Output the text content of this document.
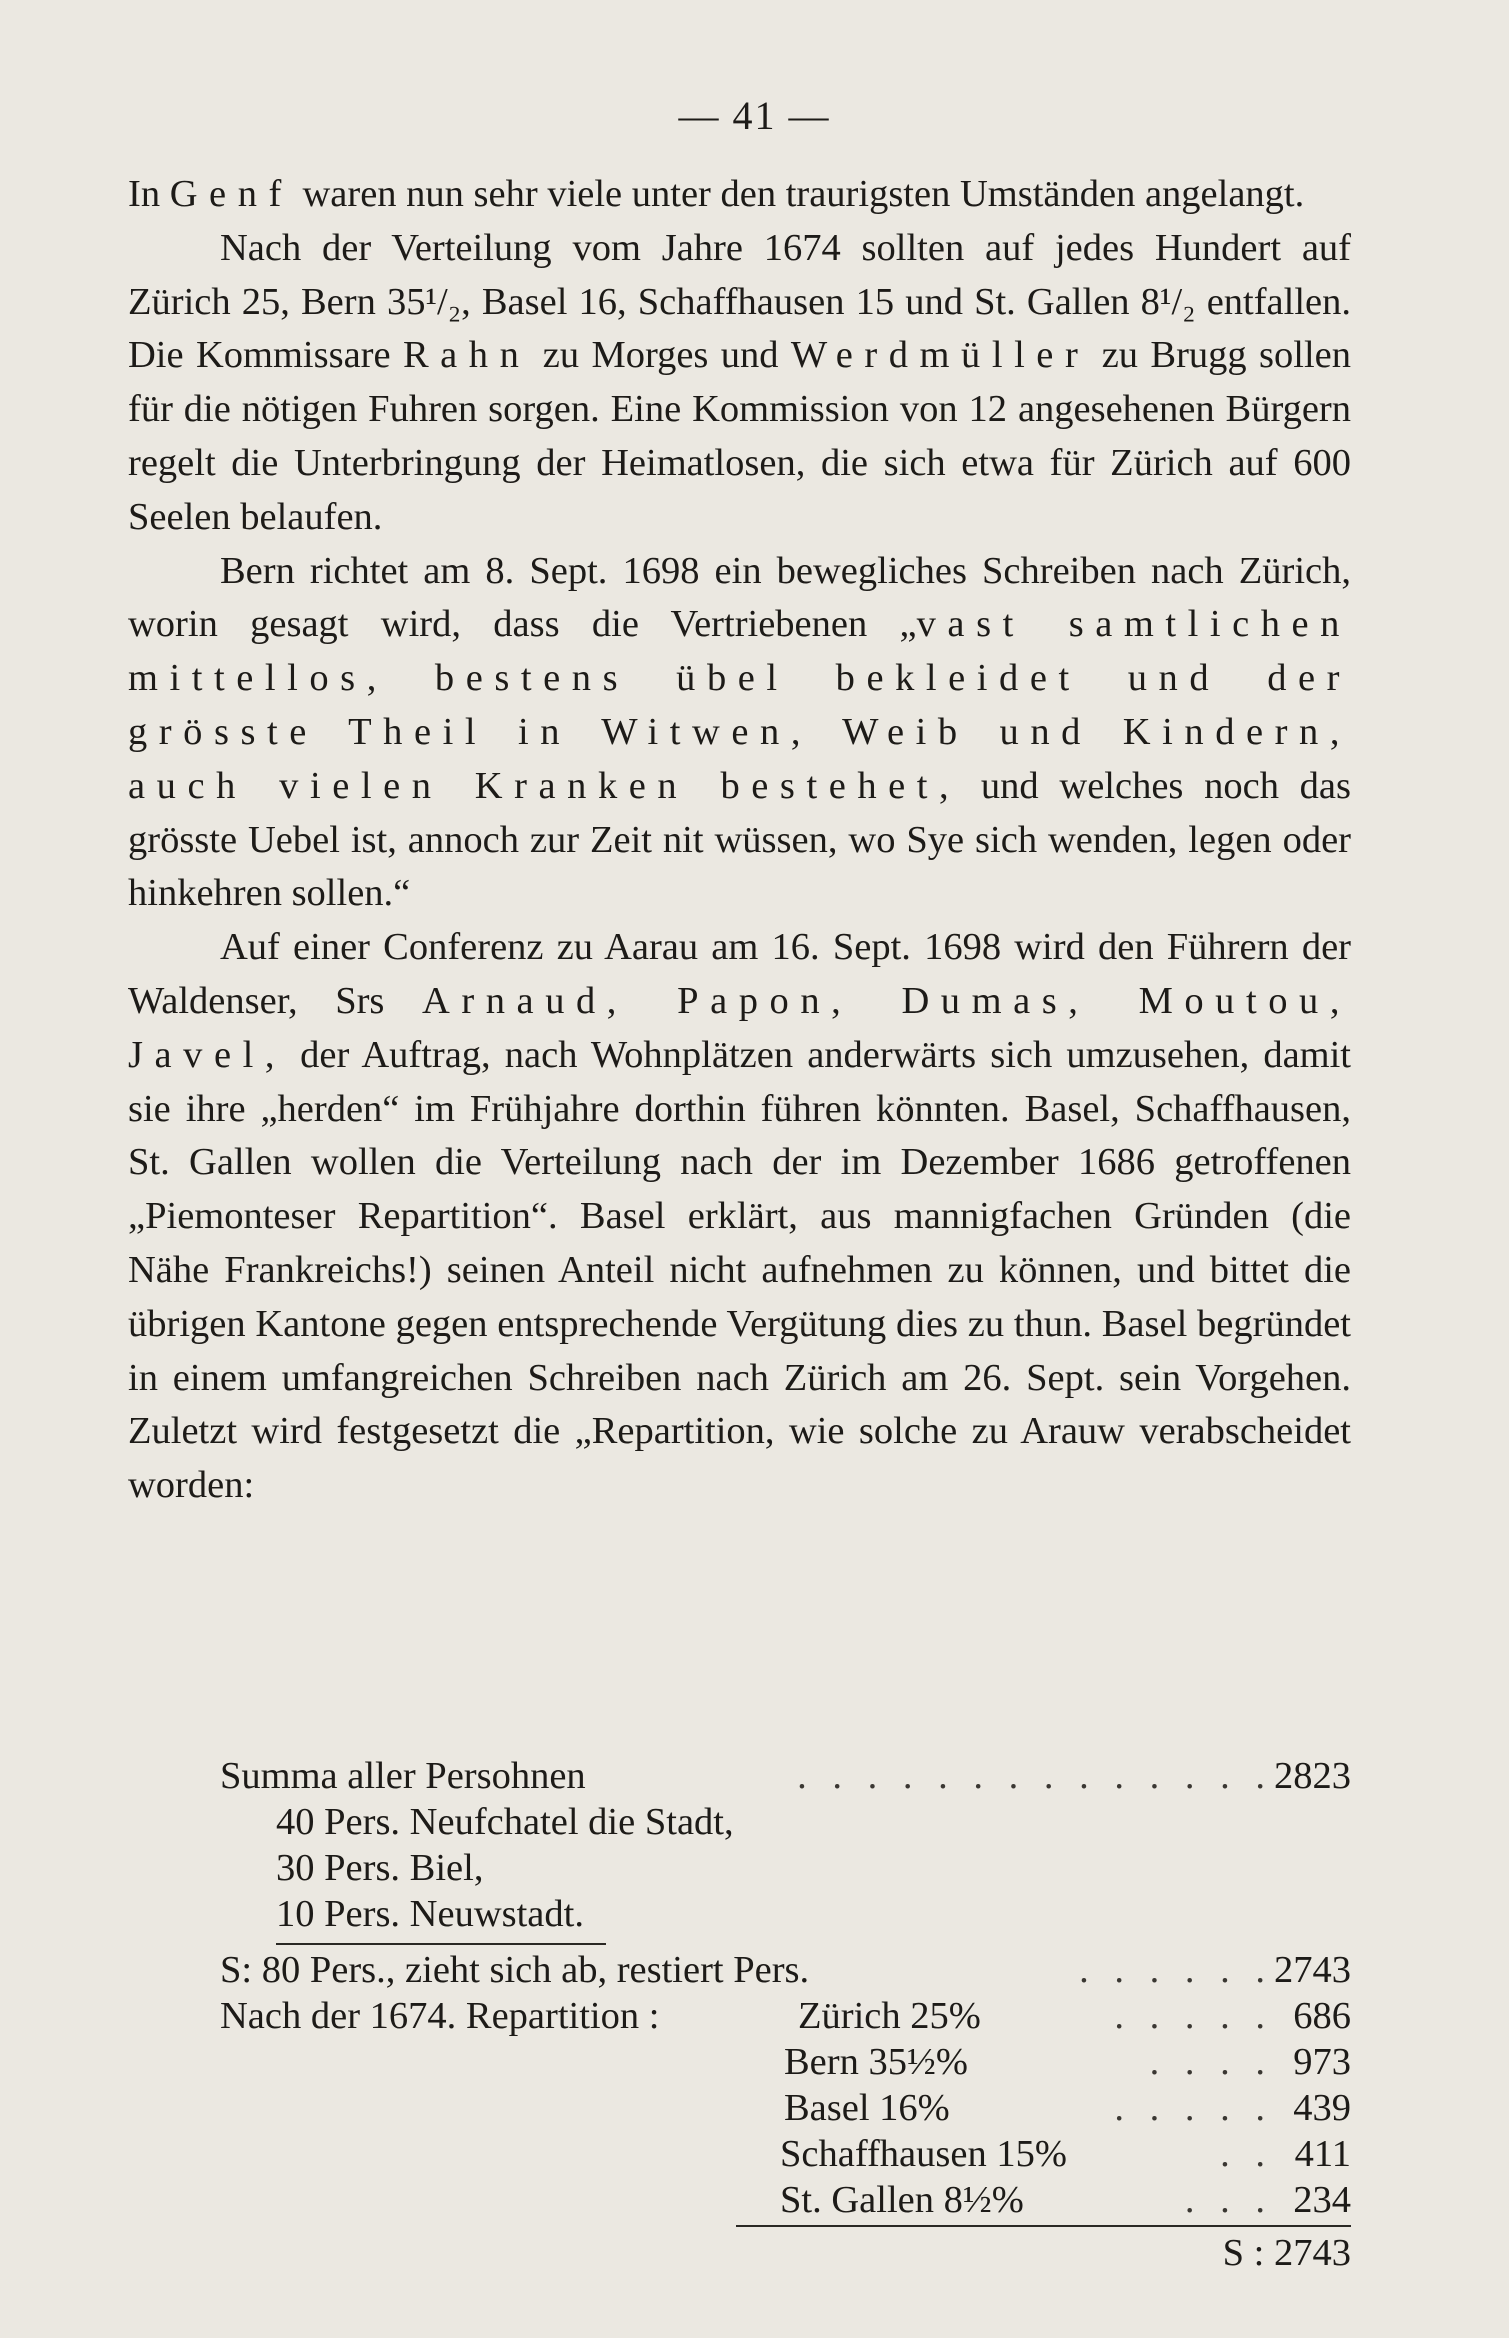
— 41 —

In Genf waren nun sehr viele unter den traurigsten Umständen angelangt.

Nach der Verteilung vom Jahre 1674 sollten auf jedes Hundert auf Zürich 25, Bern 35¹/₂, Basel 16, Schaffhausen 15 und St. Gallen 8¹/₂ entfallen. Die Kommissare Rahn zu Morges und Werdmüller zu Brugg sollen für die nötigen Fuhren sorgen. Eine Kommission von 12 angesehenen Bürgern regelt die Unterbringung der Heimatlosen, die sich etwa für Zürich auf 600 Seelen belaufen.

Bern richtet am 8. Sept. 1698 ein bewegliches Schreiben nach Zürich, worin gesagt wird, dass die Vertriebenen „vast samtlichen mittellos, bestens übel bekleidet und der grösste Theil in Witwen, Weib und Kindern, auch vielen Kranken bestehet, und welches noch das grösste Uebel ist, annoch zur Zeit nit wüssen, wo Sye sich wenden, legen oder hinkehren sollen.“

Auf einer Conferenz zu Aarau am 16. Sept. 1698 wird den Führern der Waldenser, Srs Arnaud, Papon, Dumas, Moutou, Javel, der Auftrag, nach Wohnplätzen anderwärts sich umzusehen, damit sie ihre „herden“ im Frühjahre dorthin führen könnten. Basel, Schaffhausen, St. Gallen wollen die Verteilung nach der im Dezember 1686 getroffenen „Piemonteser Repartition“. Basel erklärt, aus mannigfachen Gründen (die Nähe Frankreichs!) seinen Anteil nicht aufnehmen zu können, und bittet die übrigen Kantone gegen entsprechende Vergütung dies zu thun. Basel begründet in einem umfangreichen Schreiben nach Zürich am 26. Sept. sein Vorgehen. Zuletzt wird festgesetzt die „Repartition, wie solche zu Arauw verabscheidet worden:

Summa aller Persohnen	. . . . . . . . . . . . . . 2823
40 Pers. Neufchatel die Stadt,
30 Pers. Biel,
10 Pers. Neuwstadt.
S: 80 Pers., zieht sich ab, restiert Pers.	. . . . . . 2743
Nach der 1674. Repartition :	Zürich 25%	. . . . . 686
Bern 35½%	. . . . 973
Basel 16%	. . . . . 439
Schaffhausen 15%	. . 411
St. Gallen 8½%	. . . 234
S : 2743
